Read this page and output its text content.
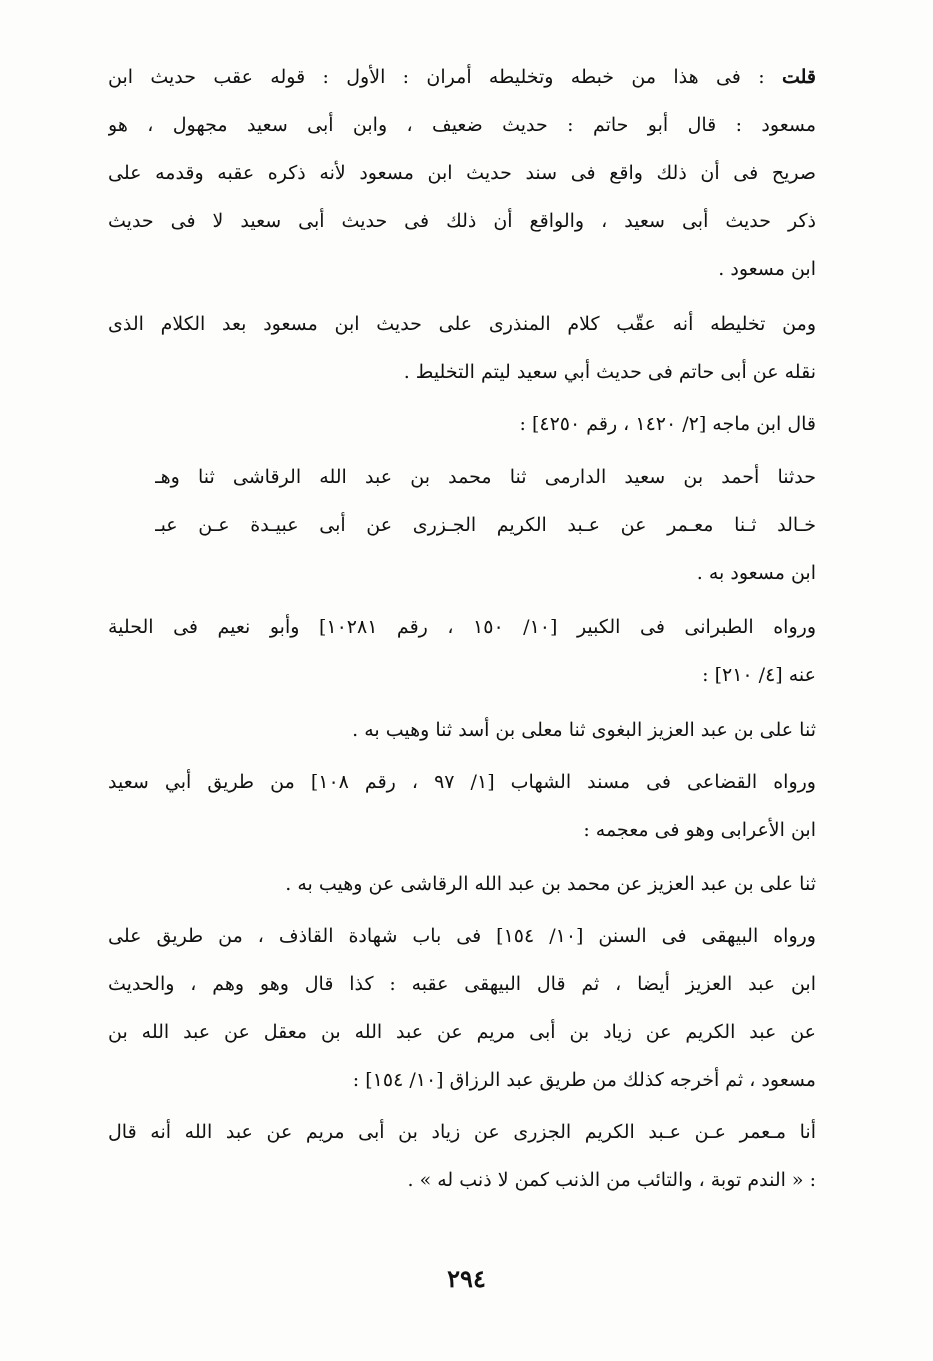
قلت : فى هذا من خبطه وتخليطه أمران : الأول : قوله عقب حديث ابن
مسعود : قال أبو حاتم : حديث ضعيف ، وابن أبى سعيد مجهول ، هو
صريح فى أن ذلك واقع فى سند حديث ابن مسعود لأنه ذكره عقبه وقدمه على
ذكر حديث أبى سعيد ، والواقع أن ذلك فى حديث أبى سعيد لا فى حديث
ابن مسعود .
ومن تخليطه أنه عقّب كلام المنذرى على حديث ابن مسعود بعد الكلام الذى
نقله عن أبى حاتم فى حديث أبي سعيد ليتم التخليط .
قال ابن ماجه [٢/ ١٤٢٠ ، رقم ٤٢٥٠] :
حدثنا أحمد بن سعيد الدارمى ثنا محمد بن عبد الله الرقاشى ثنا وهـ
خـالد ثـنا معـمر عن عـبد الكريم الجـزرى عن أبى عبيـدة عـن عبـ
ابن مسعود به .
ورواه الطبرانى فى الكبير [١٠/ ١٥٠ ، رقم ١٠٢٨١] وأبو نعيم فى الحلية
عنه [٤/ ٢١٠] :
ثنا على بن عبد العزيز البغوى ثنا معلى بن أسد ثنا وهيب به .
ورواه القضاعى فى مسند الشهاب [١/ ٩٧ ، رقم ١٠٨] من طريق أبي سعيد
ابن الأعرابى وهو فى معجمه :
ثنا على بن عبد العزيز عن محمد بن عبد الله الرقاشى عن وهيب به .
ورواه البيهقى فى السنن [١٠/ ١٥٤] فى باب شهادة القاذف ، من طريق على
ابن عبد العزيز أيضا ، ثم قال البيهقى عقبه : كذا قال وهو وهم ، والحديث
عن عبد الكريم عن زياد بن أبى مريم عن عبد الله بن معقل عن عبد الله بن
مسعود ، ثم أخرجه كذلك من طريق عبد الرزاق [١٠/ ١٥٤] :
أنا مـعمر عـن عـبد الكريم الجزرى عن زياد بن أبى مريم عن عبد الله أنه قال
: « الندم توبة ، والتائب من الذنب كمن لا ذنب له » .
٢٩٤
